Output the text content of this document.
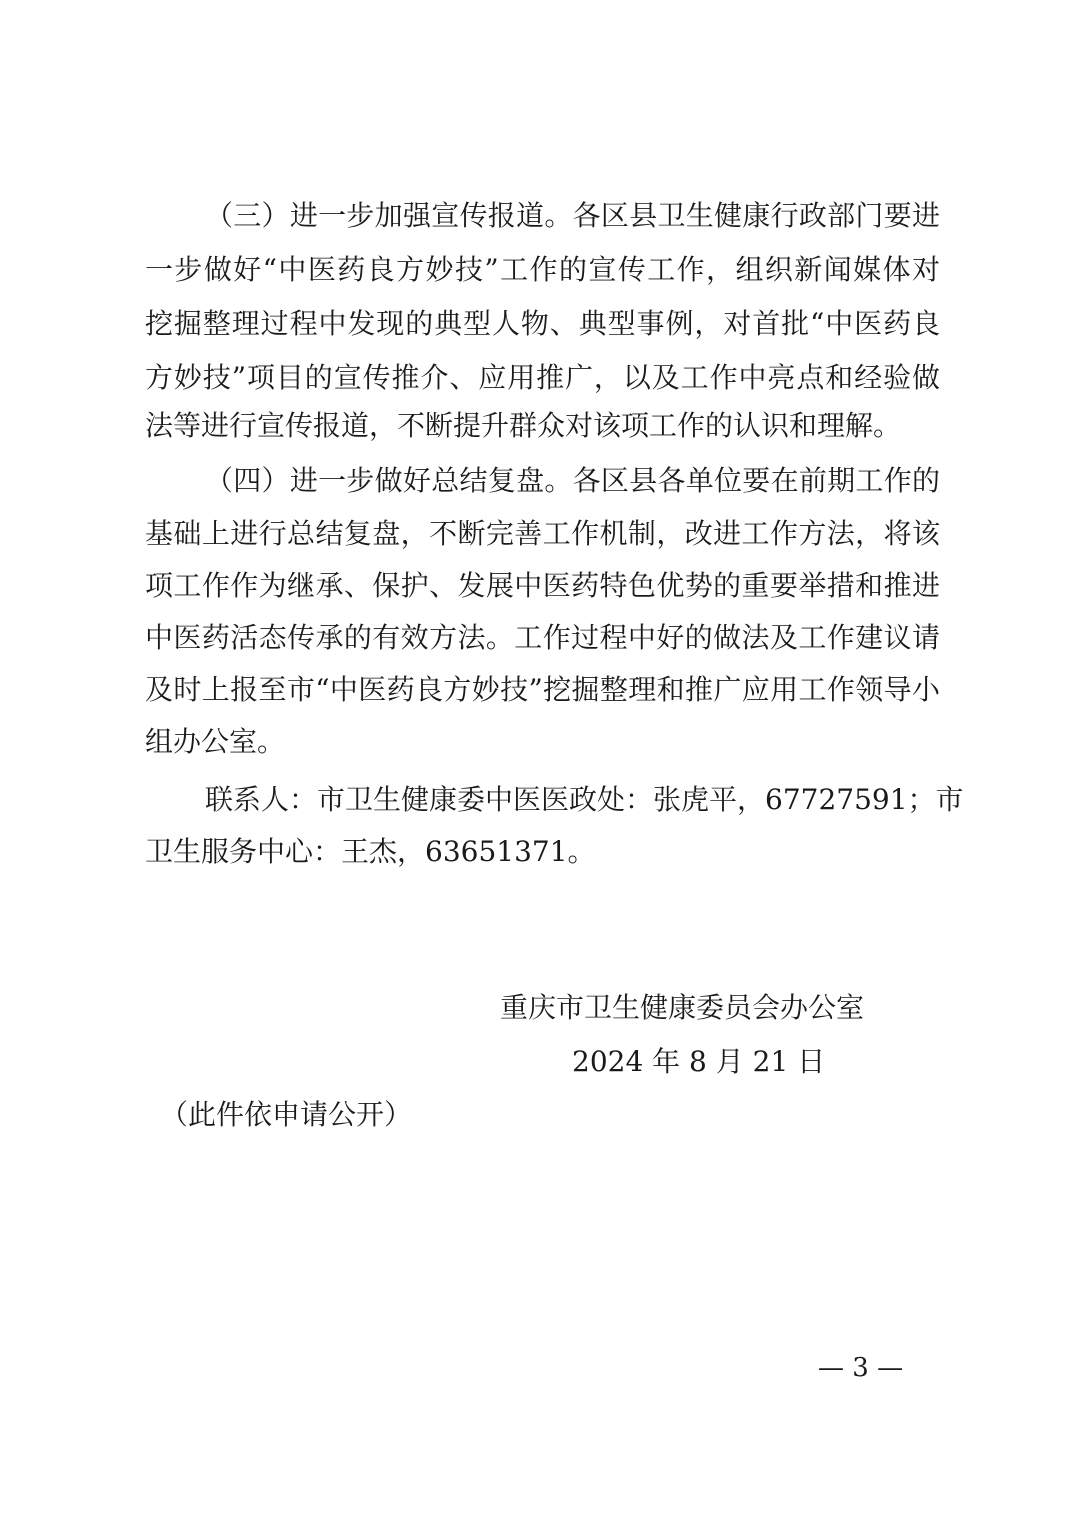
（三）进一步加强宣传报道。各区县卫生健康行政部门要进
一步做好“中医药良方妙技”工作的宣传工作，组织新闻媒体对
挖掘整理过程中发现的典型人物、典型事例，对首批“中医药良
方妙技”项目的宣传推介、应用推广，以及工作中亮点和经验做
法等进行宣传报道，不断提升群众对该项工作的认识和理解。
（四）进一步做好总结复盘。各区县各单位要在前期工作的
基础上进行总结复盘，不断完善工作机制，改进工作方法，将该
项工作作为继承、保护、发展中医药特色优势的重要举措和推进
中医药活态传承的有效方法。工作过程中好的做法及工作建议请
及时上报至市“中医药良方妙技”挖掘整理和推广应用工作领导小
组办公室。
联系人：市卫生健康委中医医政处：张虎平，67727591；市
卫生服务中心：王杰，63651371。
重庆市卫生健康委员会办公室
2024 年 8 月 21 日
（此件依申请公开）
— 3 —
